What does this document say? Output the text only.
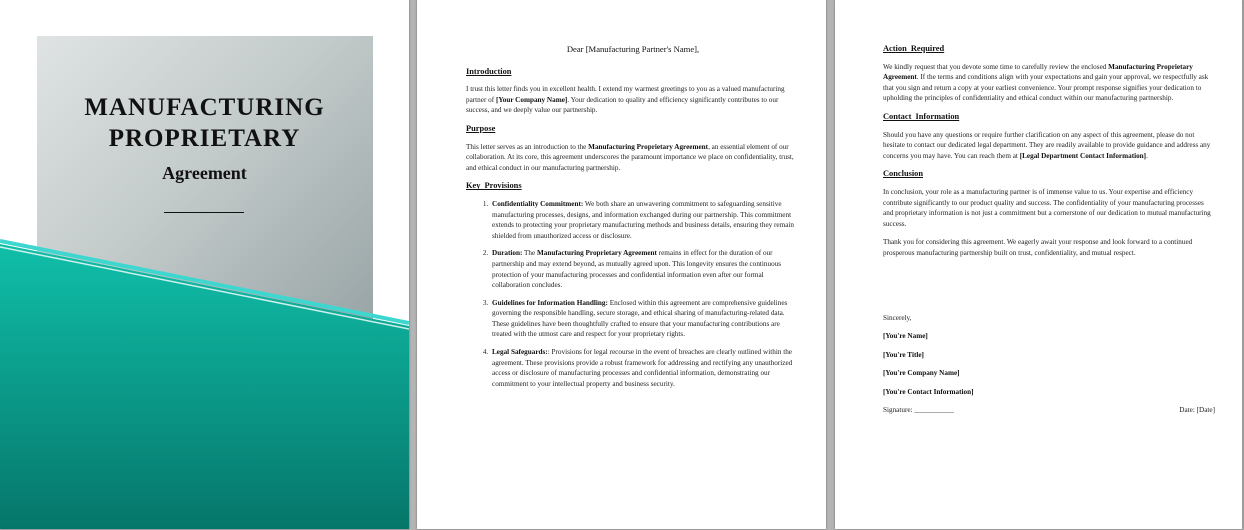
MANUFACTURING
PROPRIETARY
Agreement
Dear [Manufacturing Partner's Name],
Introduction

I trust this letter finds you in excellent health. I extend my warmest greetings to you as a valued manufacturing partner of [Your Company Name]. Your dedication to quality and efficiency significantly contributes to our success, and we deeply value our partnership.

Purpose

This letter serves as an introduction to the Manufacturing Proprietary Agreement, an essential element of our collaboration. At its core, this agreement underscores the paramount importance we place on confidentiality, trust, and ethical conduct in our manufacturing partnership.

Key Provisions
1. Confidentiality Commitment: We both share an unwavering commitment to safeguarding sensitive manufacturing processes, designs, and information exchanged during our partnership. This commitment extends to protecting your proprietary manufacturing methods and business details, ensuring they remain shielded from unauthorized access or disclosure.
2. Duration: The Manufacturing Proprietary Agreement remains in effect for the duration of our partnership and may extend beyond, as mutually agreed upon. This longevity ensures the continuous protection of your manufacturing processes and confidential information even after our formal collaboration concludes.
3. Guidelines for Information Handling: Enclosed within this agreement are comprehensive guidelines governing the responsible handling, secure storage, and ethical sharing of manufacturing-related data. These guidelines have been thoughtfully crafted to ensure that your manufacturing contributions are treated with the utmost care and respect for your proprietary rights.
4. Legal Safeguards:: Provisions for legal recourse in the event of breaches are clearly outlined within the agreement. These provisions provide a robust framework for addressing and rectifying any unauthorized access or disclosure of manufacturing processes and confidential information, demonstrating our commitment to your intellectual property and business security.
Action Required

We kindly request that you devote some time to carefully review the enclosed Manufacturing Proprietary Agreement. If the terms and conditions align with your expectations and gain your approval, we respectfully ask that you sign and return a copy at your earliest convenience. Your prompt response signifies your dedication to upholding the principles of confidentiality and ethical conduct within our manufacturing partnership.

Contact Information

Should you have any questions or require further clarification on any aspect of this agreement, please do not hesitate to contact our dedicated legal department. They are readily available to provide guidance and address any concerns you may have. You can reach them at [Legal Department Contact Information].

Conclusion

In conclusion, your role as a manufacturing partner is of immense value to us. Your expertise and efficiency contribute significantly to our product quality and success. The confidentiality of your manufacturing processes and proprietary information is not just a commitment but a cornerstone of our dedication to mutual manufacturing success.

Thank you for considering this agreement. We eagerly await your response and look forward to a continued prosperous manufacturing partnership built on trust, confidentiality, and mutual respect.

Sincerely,
[You're Name]
[You're Title]
[You're Company Name]
[You're Contact Information]
Signature: ___________	Date: [Date]
